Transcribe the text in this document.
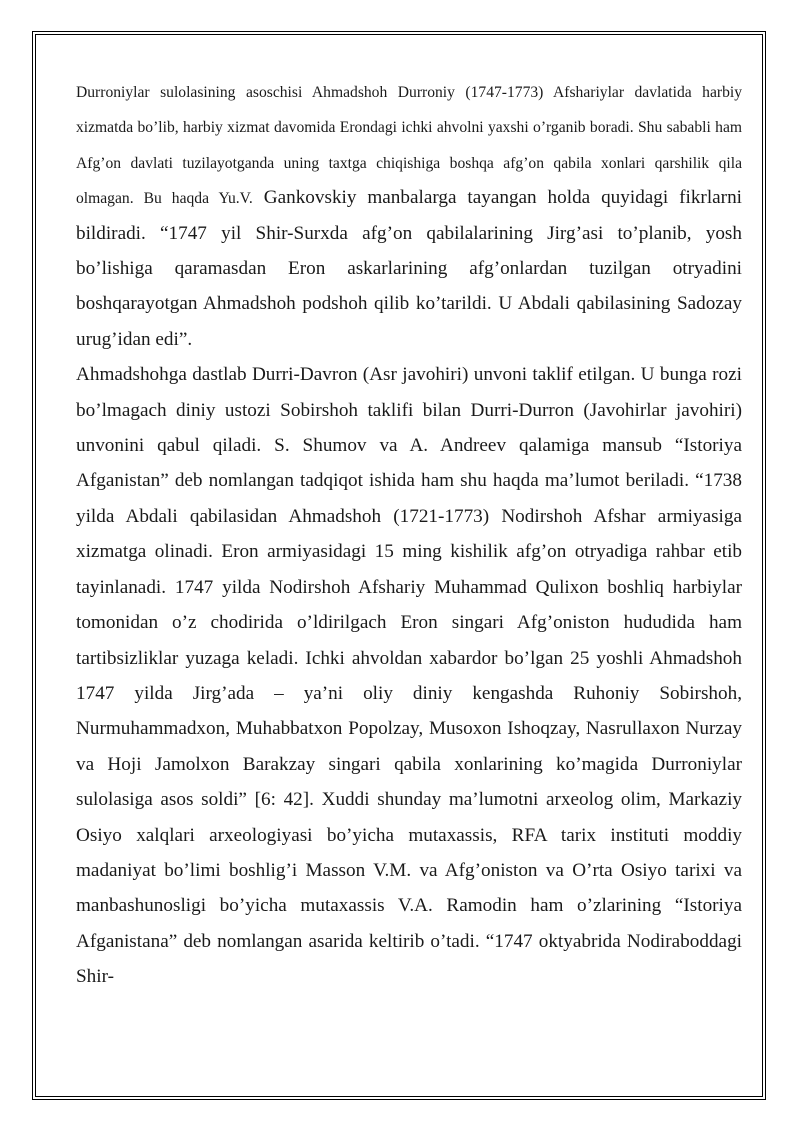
Durroniylar sulolasining asoschisi Ahmadshoh Durroniy (1747-1773) Afshariylar davlatida harbiy xizmatda bo’lib, harbiy xizmat davomida Erondagi ichki ahvolni yaxshi o’rganib boradi. Shu sababli ham Afg’on davlati tuzilayotganda uning taxtga chiqishiga boshqa afg’on qabila xonlari qarshilik qila olmagan. Bu haqda Yu.V. Gankovskiy manbalarga tayangan holda quyidagi fikrlarni bildiradi. “1747 yil Shir-Surxda afg’on qabilalarining Jirg’asi to’planib, yosh bo’lishiga qaramasdan Eron askarlarining afg’onlardan tuzilgan otryadini boshqarayotgan Ahmadshoh podshoh qilib ko’tarildi. U Abdali qabilasining Sadozay urug’idan edi”.

Ahmadshohga dastlab Durri-Davron (Asr javohiri) unvoni taklif etilgan. U bunga rozi bo’lmagach diniy ustozi Sobirshoh taklifi bilan Durri-Durron (Javohirlar javohiri) unvonini qabul qiladi. S. Shumov va A. Andreev qalamiga mansub “Istoriya Afganistan” deb nomlangan tadqiqot ishida ham shu haqda ma’lumot beriladi. “1738 yilda Abdali qabilasidan Ahmadshoh (1721-1773) Nodirshoh Afshar armiyasiga xizmatga olinadi. Eron armiyasidagi 15 ming kishilik afg’on otryadiga rahbar etib tayinlanadi. 1747 yilda Nodirshoh Afshariy Muhammad Qulixon boshliq harbiylar tomonidan o’z chodirida o’ldirilgach Eron singari Afg’oniston hududida ham tartibsizliklar yuzaga keladi. Ichki ahvoldan xabardor bo’lgan 25 yoshli Ahmadshoh 1747 yilda Jirg’ada – ya’ni oliy diniy kengashda Ruhoniy Sobirshoh, Nurmuhammadxon, Muhabbatxon Popolzay, Musoxon Ishoqzay, Nasrullaxon Nurzay va Hoji Jamolxon Barakzay singari qabila xonlarining ko’magida Durroniylar sulolasiga asos soldi” [6: 42]. Xuddi shunday ma’lumotni arxeolog olim, Markaziy Osiyo xalqlari arxeologiyasi bo’yicha mutaxassis, RFA tarix instituti moddiy madaniyat bo’limi boshlig’i Masson V.M. va Afg’oniston va O’rta Osiyo tarixi va manbashunosligi bo’yicha mutaxassis V.A. Ramodin ham o’zlarining “Istoriya Afganistana” deb nomlangan asarida keltirib o’tadi. “1747 oktyabrida Nodiraboddagi Shir-
